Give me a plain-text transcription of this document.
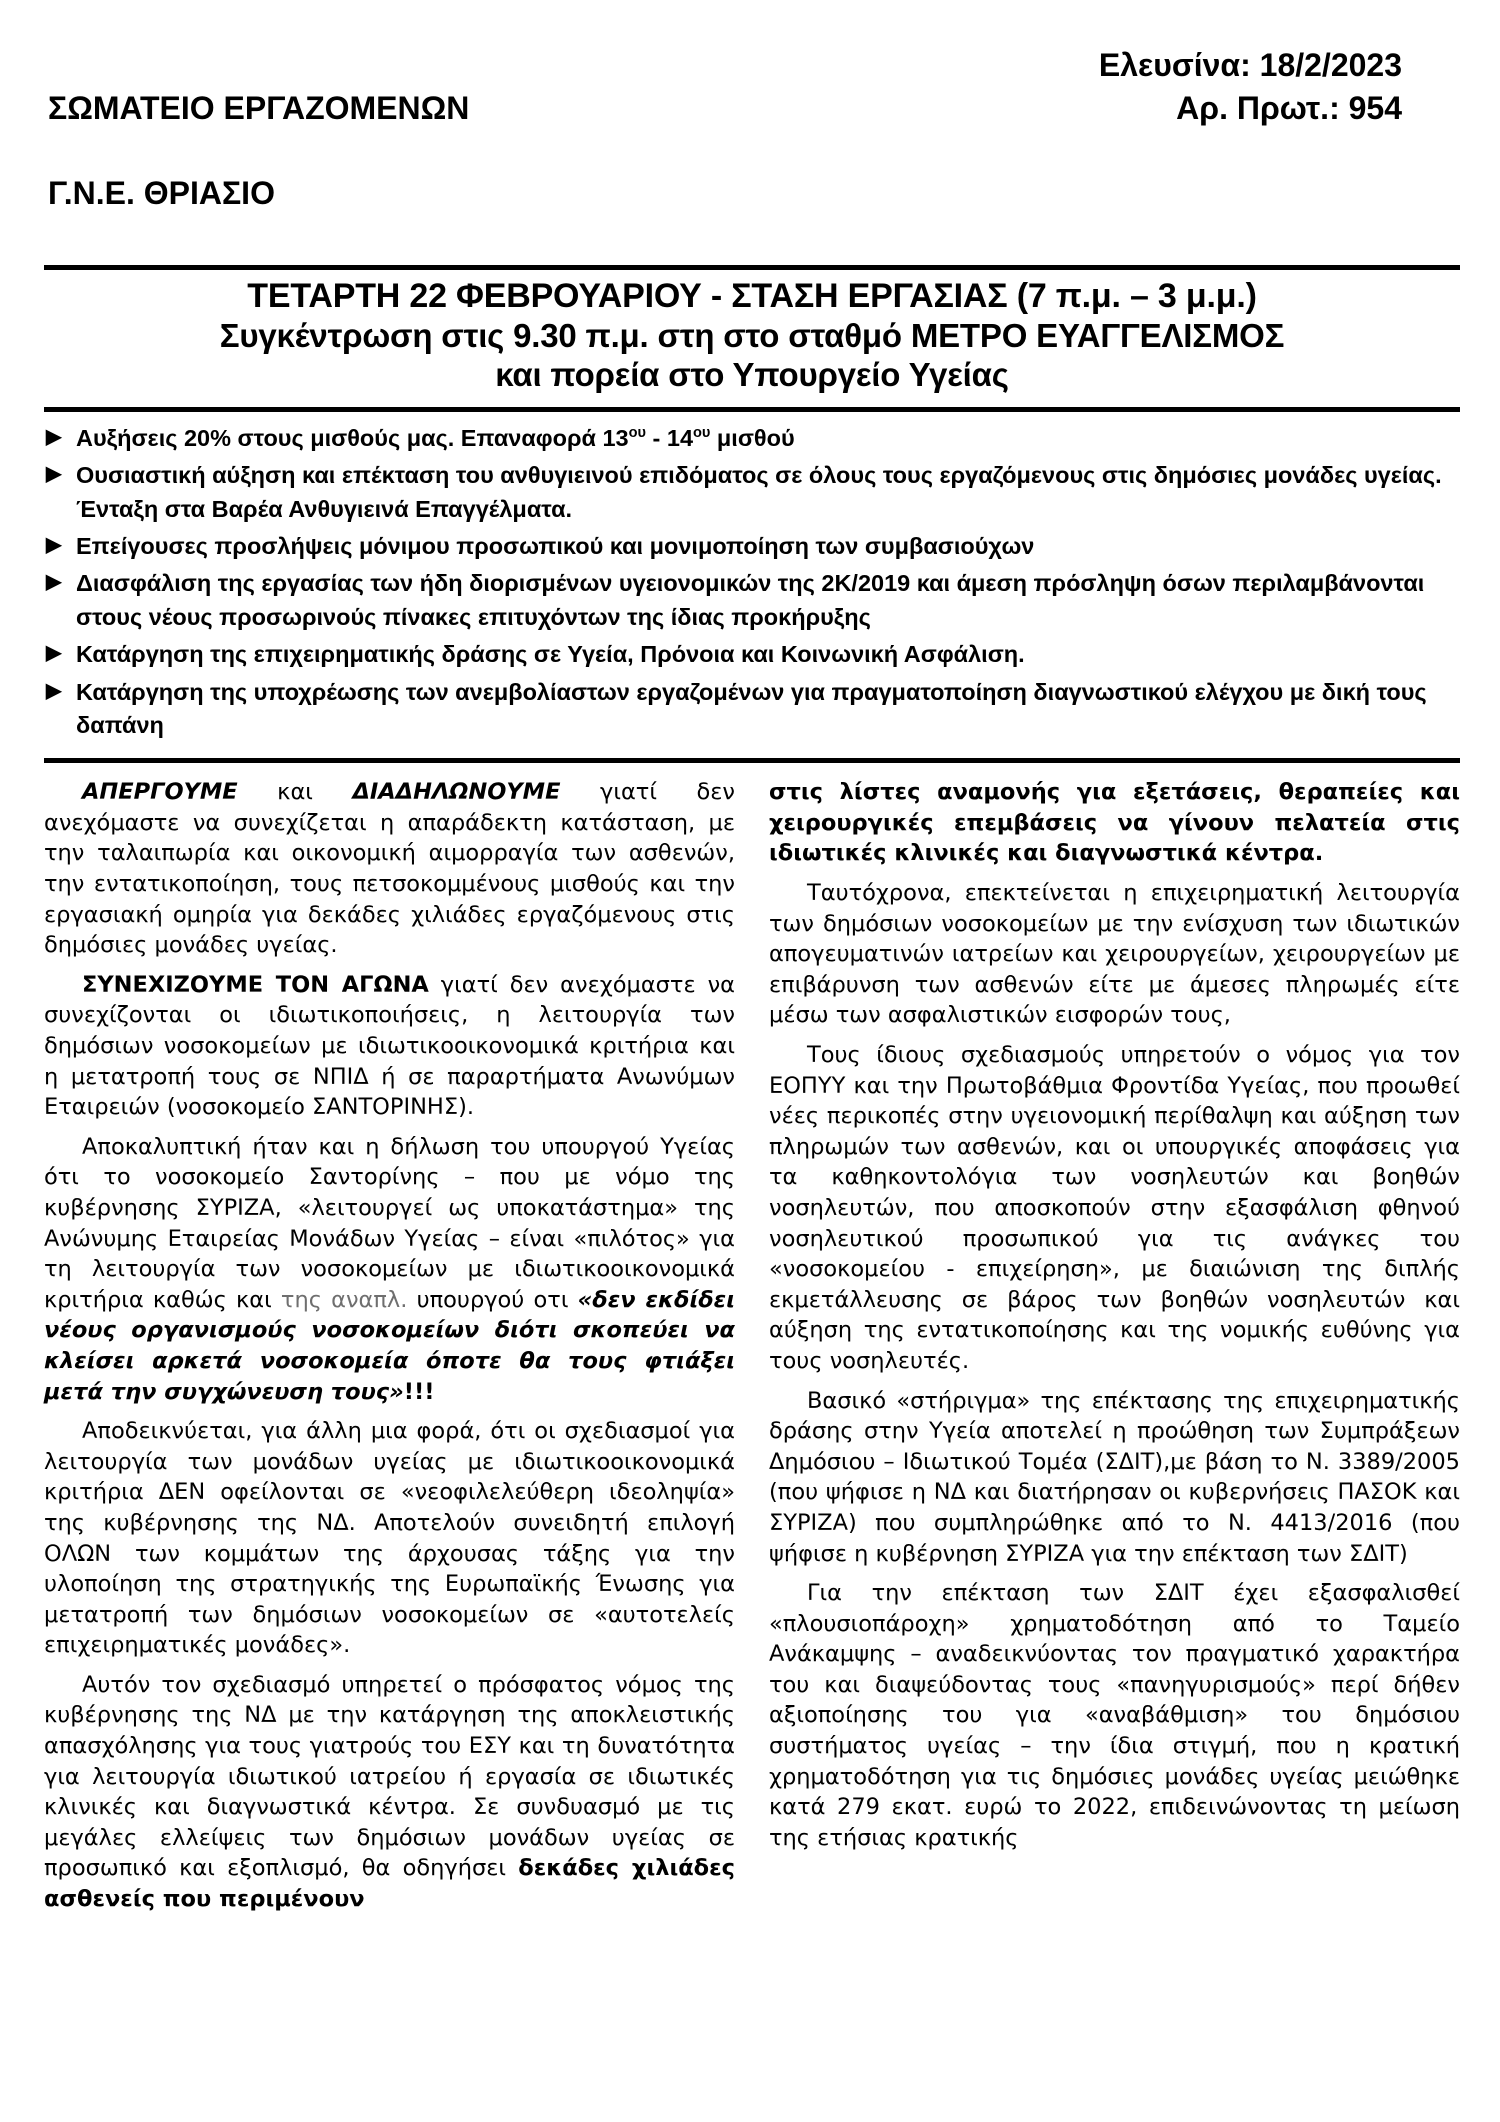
ΣΩΜΑΤΕΙΟ ΕΡΓΑΖΟΜΕΝΩΝ

Γ.Ν.Ε. ΘΡΙΑΣΙΟ

Ελευσίνα: 18/2/2023
Αρ. Πρωτ.: 954
ΤΕΤΑΡΤΗ 22 ΦΕΒΡΟΥΑΡΙΟΥ - ΣΤΑΣΗ ΕΡΓΑΣΙΑΣ (7 π.μ. – 3 μ.μ.)
Συγκέντρωση στις 9.30 π.μ. στη στο σταθμό ΜΕΤΡΟ ΕΥΑΓΓΕΛΙΣΜΟΣ
και πορεία στο Υπουργείο Υγείας
▶ Αυξήσεις 20% στους μισθούς μας. Επαναφορά $13^{o\upsilon} - 14^{o\upsilon}$ μισθού
▶ Ουσιαστική αύξηση και επέκταση του ανθυγιεινού επιδόματος σε όλους τους εργαζόμενους στις δημόσιες μονάδες υγείας. Ένταξη στα Βαρέα Ανθυγιεινά Επαγγέλματα.
▶ Επείγουσες προσλήψεις μόνιμου προσωπικού και μονιμοποίηση των συμβασιούχων
▶ Διασφάλιση της εργασίας των ήδη διορισμένων υγειονομικών της 2Κ/2019 και άμεση πρόσληψη όσων περιλαμβάνονται στους νέους προσωρινούς πίνακες επιτυχόντων της ίδιας προκήρυξης
▶ Κατάργηση της επιχειρηματικής δράσης σε Υγεία, Πρόνοια και Κοινωνική Ασφάλιση.
▶ Κατάργηση της υποχρέωσης των ανεμβολίαστων εργαζομένων για πραγματοποίηση διαγνωστικού ελέγχου με δική τους δαπάνη

ΑΠΕΡΓΟΥΜΕ και ΔΙΑΔΗΛΩΝΟΥΜΕ γιατί δεν ανεχόμαστε να συνεχίζεται η απαράδεκτη κατάσταση, με την ταλαιπωρία και οικονομική αιμορραγία των ασθενών, την εντατικοποίηση, τους πετσοκομμένους μισθούς και την εργασιακή ομηρία για δεκάδες χιλιάδες εργαζόμενους στις δημόσιες μονάδες υγείας.

ΣΥΝΕΧΙΖΟΥΜΕ ΤΟΝ ΑΓΩΝΑ γιατί δεν ανεχόμαστε να συνεχίζονται οι ιδιωτικοποιήσεις, η λειτουργία των δημόσιων νοσοκομείων με ιδιωτικοοικονομικά κριτήρια και η μετατροπή τους σε ΝΠΙΔ ή σε παραρτήματα Ανωνύμων Εταιρειών (νοσοκομείο ΣΑΝΤΟΡΙΝΗΣ).

Αποκαλυπτική ήταν και η δήλωση του υπουργού Υγείας ότι το νοσοκομείο Σαντορίνης – που με νόμο της κυβέρνησης ΣΥΡΙΖΑ, «λειτουργεί ως υποκατάστημα» της Ανώνυμης Εταιρείας Μονάδων Υγείας – είναι «πιλότος» για τη λειτουργία των νοσοκομείων με ιδιωτικοοικονομικά κριτήρια καθώς και της αναπλ. υπουργού οτι «δεν εκδίδει νέους οργανισμούς νοσοκομείων διότι σκοπεύει να κλείσει αρκετά νοσοκομεία όποτε θα τους φτιάξει μετά την συγχώνευση τους»!!!

Αποδεικνύεται, για άλλη μια φορά, ότι οι σχεδιασμοί για λειτουργία των μονάδων υγείας με ιδιωτικοοικονομικά κριτήρια ΔΕΝ οφείλονται σε «νεοφιλελεύθερη ιδεοληψία» της κυβέρνησης της ΝΔ. Αποτελούν συνειδητή επιλογή ΟΛΩΝ των κομμάτων της άρχουσας τάξης για την υλοποίηση της στρατηγικής της Ευρωπαϊκής Ένωσης για μετατροπή των δημόσιων νοσοκομείων σε «αυτοτελείς επιχειρηματικές μονάδες».

Αυτόν τον σχεδιασμό υπηρετεί ο πρόσφατος νόμος της κυβέρνησης της ΝΔ με την κατάργηση της αποκλειστικής απασχόλησης για τους γιατρούς του ΕΣΥ και τη δυνατότητα για λειτουργία ιδιωτικού ιατρείου ή εργασία σε ιδιωτικές κλινικές και διαγνωστικά κέντρα. Σε συνδυασμό με τις μεγάλες ελλείψεις των δημόσιων μονάδων υγείας σε προσωπικό και εξοπλισμό, θα οδηγήσει δεκάδες χιλιάδες ασθενείς που περιμένουν

στις λίστες αναμονής για εξετάσεις, θεραπείες και χειρουργικές επεμβάσεις να γίνουν πελατεία στις ιδιωτικές κλινικές και διαγνωστικά κέντρα.

Ταυτόχρονα, επεκτείνεται η επιχειρηματική λειτουργία των δημόσιων νοσοκομείων με την ενίσχυση των ιδιωτικών απογευματινών ιατρείων και χειρουργείων, χειρουργείων με επιβάρυνση των ασθενών είτε με άμεσες πληρωμές είτε μέσω των ασφαλιστικών εισφορών τους,

Τους ίδιους σχεδιασμούς υπηρετούν ο νόμος για τον ΕΟΠΥΥ και την Πρωτοβάθμια Φροντίδα Υγείας, που προωθεί νέες περικοπές στην υγειονομική περίθαλψη και αύξηση των πληρωμών των ασθενών, και οι υπουργικές αποφάσεις για τα καθηκοντολόγια των νοσηλευτών και βοηθών νοσηλευτών, που αποσκοπούν στην εξασφάλιση φθηνού νοσηλευτικού προσωπικού για τις ανάγκες του «νοσοκομείου - επιχείρηση», με διαιώνιση της διπλής εκμετάλλευσης σε βάρος των βοηθών νοσηλευτών και αύξηση της εντατικοποίησης και της νομικής ευθύνης για τους νοσηλευτές.

Βασικό «στήριγμα» της επέκτασης της επιχειρηματικής δράσης στην Υγεία αποτελεί η προώθηση των Συμπράξεων Δημόσιου – Ιδιωτικού Τομέα (ΣΔΙΤ),με βάση το Ν. 3389/2005 (που ψήφισε η ΝΔ και διατήρησαν οι κυβερνήσεις ΠΑΣΟΚ και ΣΥΡΙΖΑ) που συμπληρώθηκε από το Ν. 4413/2016 (που ψήφισε η κυβέρνηση ΣΥΡΙΖΑ για την επέκταση των ΣΔΙΤ)

Για την επέκταση των ΣΔΙΤ έχει εξασφαλισθεί «πλουσιοπάροχη» χρηματοδότηση από το Ταμείο Ανάκαμψης – αναδεικνύοντας τον πραγματικό χαρακτήρα του και διαψεύδοντας τους «πανηγυρισμούς» περί δήθεν αξιοποίησης του για «αναβάθμιση» του δημόσιου συστήματος υγείας – την ίδια στιγμή, που η κρατική χρηματοδότηση για τις δημόσιες μονάδες υγείας μειώθηκε κατά 279 εκατ. ευρώ το 2022, επιδεινώνοντας τη μείωση της ετήσιας κρατικής
